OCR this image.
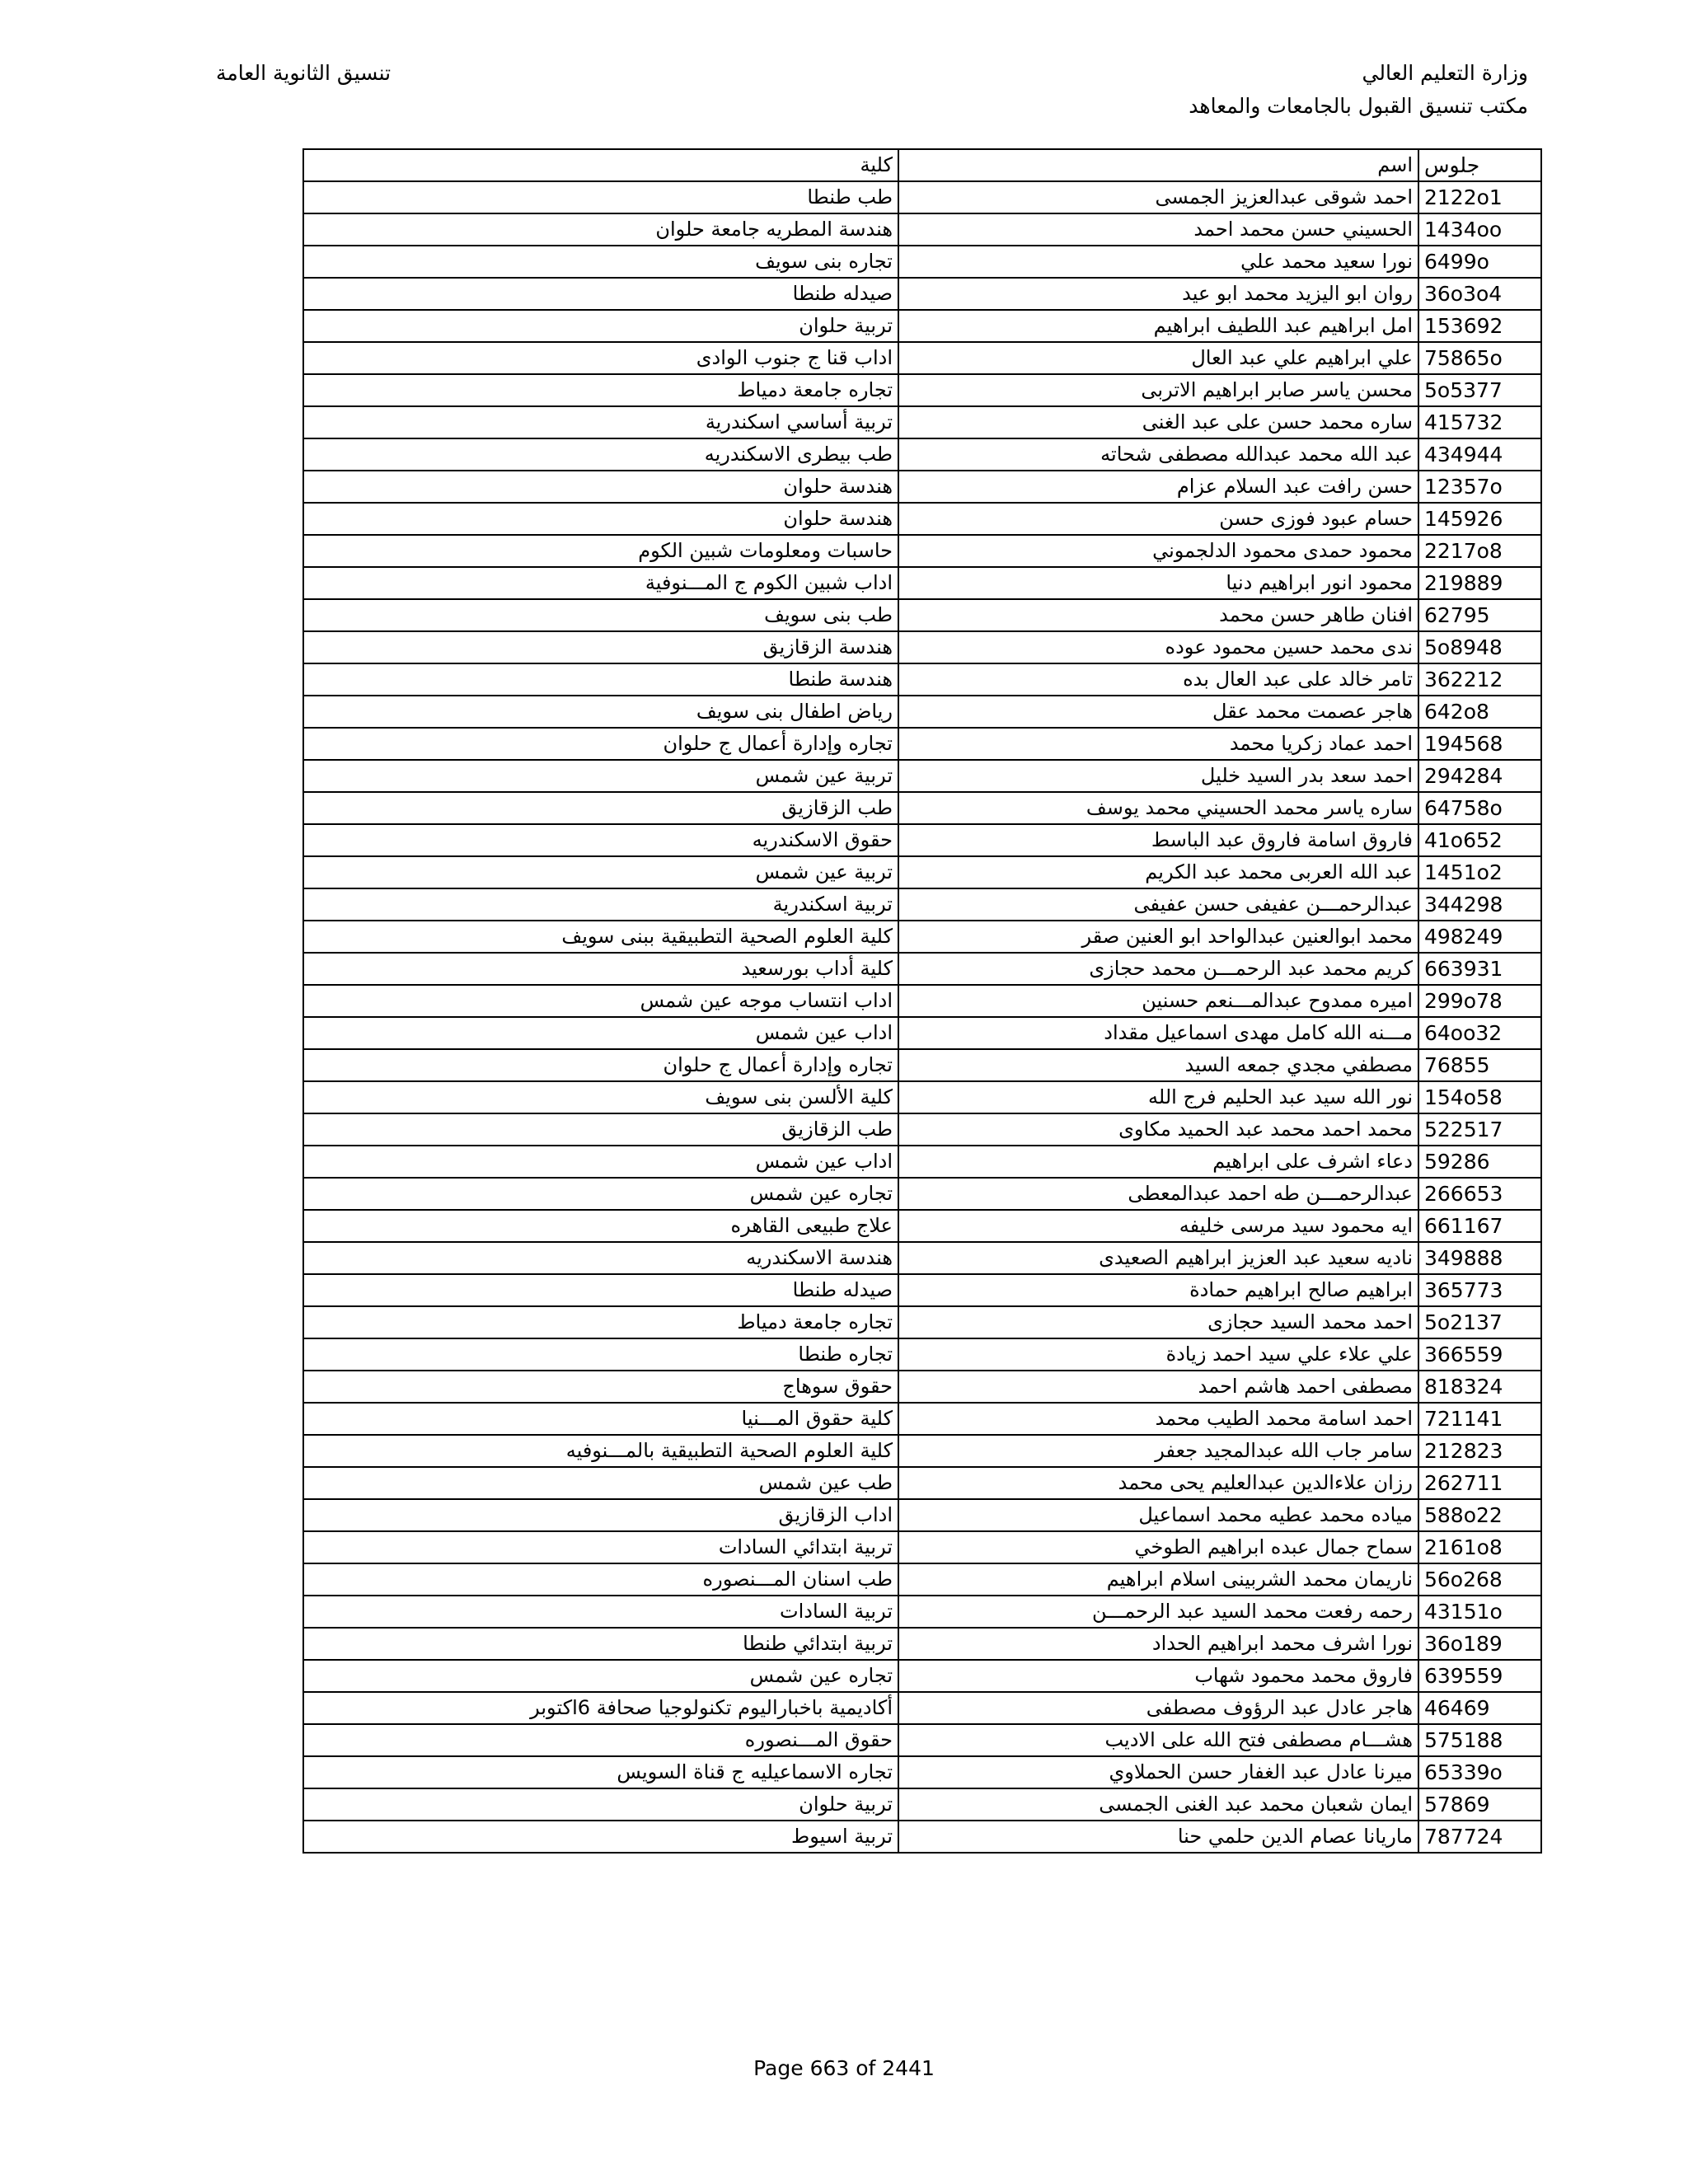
وزارة التعليم العالي
مكتب تنسيق القبول بالجامعات والمعاهد
تنسيق الثانوية العامة
جلوس	اسم	كلية
2122o1	احمد شوقى عبدالعزيز الجمسى	طب طنطا
1434oo	الحسيني حسن محمد احمد	هندسة المطريه جامعة حلوان
6499o	نورا سعيد محمد علي	تجاره بنى سويف
36o3o4	روان ابو اليزيد محمد ابو عيد	صيدله طنطا
153692	امل ابراهيم عبد اللطيف ابراهيم	تربية حلوان
75865o	علي ابراهيم علي عبد العال	اداب قنا ج جنوب الوادى
5o5377	محسن ياسر صابر ابراهيم الاتربى	تجاره جامعة دمياط
415732	ساره محمد حسن على عبد الغنى	تربية أساسي اسكندرية
434944	عبد الله محمد عبدالله مصطفى شحاته	طب بيطرى الاسكندريه
12357o	حسن رافت عبد السلام عزام	هندسة حلوان
145926	حسام عبود فوزى حسن	هندسة حلوان
2217o8	محمود حمدى محمود الدلجموني	حاسبات ومعلومات شبين الكوم
219889	محمود انور ابراهيم دنيا	اداب شبين الكوم ج المـــنوفية
62795	افنان طاهر حسن محمد	طب بنى سويف
5o8948	ندى محمد حسين محمود عوده	هندسة الزقازيق
362212	تامر خالد على عبد العال بده	هندسة طنطا
642o8	هاجر عصمت محمد عقل	رياض اطفال بنى سويف
194568	احمد عماد زكريا محمد	تجاره وإدارة أعمال ج حلوان
294284	احمد سعد بدر السيد خليل	تربية عين شمس
64758o	ساره ياسر محمد الحسيني محمد يوسف	طب الزقازيق
41o652	فاروق اسامة فاروق عبد الباسط	حقوق الاسكندريه
1451o2	عبد الله العربى محمد عبد الكريم	تربية عين شمس
344298	عبدالرحمـــن عفيفى حسن عفيفى	تربية اسكندرية
498249	محمد ابوالعنين عبدالواحد ابو العنين صقر	كلية العلوم الصحية التطبيقية ببنى سويف
663931	كريم محمد عبد الرحمـــن محمد حجازى	كلية أداب بورسعيد
299o78	اميره ممدوح عبدالمـــنعم حسنين	اداب انتساب موجه عين شمس
64oo32	مـــنه الله كامل مهدى اسماعيل مقداد	اداب عين شمس
76855	مصطفي مجدي جمعه السيد	تجاره وإدارة أعمال ج حلوان
154o58	نور الله سيد عبد الحليم فرج الله	كلية الألسن بنى سويف
522517	محمد احمد محمد عبد الحميد مكاوى	طب الزقازيق
59286	دعاء اشرف على ابراهيم	اداب عين شمس
266653	عبدالرحمـــن طه احمد عبدالمعطى	تجاره عين شمس
661167	ايه محمود سيد مرسى خليفه	علاج طبيعى القاهره
349888	ناديه سعيد عبد العزيز ابراهيم الصعيدى	هندسة الاسكندريه
365773	ابراهيم صالح ابراهيم حمادة	صيدله طنطا
5o2137	احمد محمد السيد حجازى	تجاره جامعة دمياط
366559	علي علاء علي سيد احمد زيادة	تجاره طنطا
818324	مصطفى احمد هاشم احمد	حقوق سوهاج
721141	احمد اسامة محمد الطيب محمد	كلية حقوق المـــنيا
212823	سامر جاب الله عبدالمجيد جعفر	كلية العلوم الصحية التطبيقية بالمـــنوفيه
262711	رزان علاءالدين عبدالعليم يحى محمد	طب عين شمس
588o22	مياده محمد عطيه محمد اسماعيل	اداب الزقازيق
2161o8	سماح جمال عبده ابراهيم الطوخي	تربية ابتدائي السادات
56o268	ناريمان محمد الشربينى اسلام ابراهيم	طب اسنان المـــنصوره
43151o	رحمه رفعت محمد السيد عبد الرحمـــن	تربية السادات
36o189	نورا اشرف محمد ابراهيم الحداد	تربية ابتدائي طنطا
639559	فاروق محمد محمود شهاب	تجاره عين شمس
46469	هاجر عادل عبد الرؤوف مصطفى	أكاديمية باخباراليوم تكنولوجيا صحافة 6اكتوبر
575188	هشـــام مصطفى فتح الله على الاديب	حقوق المـــنصوره
65339o	ميرنا عادل عبد الغفار حسن الحملاوي	تجاره الاسماعيليه ج قناة السويس
57869	ايمان شعبان محمد عبد الغنى الجمسى	تربية حلوان
787724	ماريانا عصام الدين حلمي حنا	تربية اسيوط
Page 663 of 2441
